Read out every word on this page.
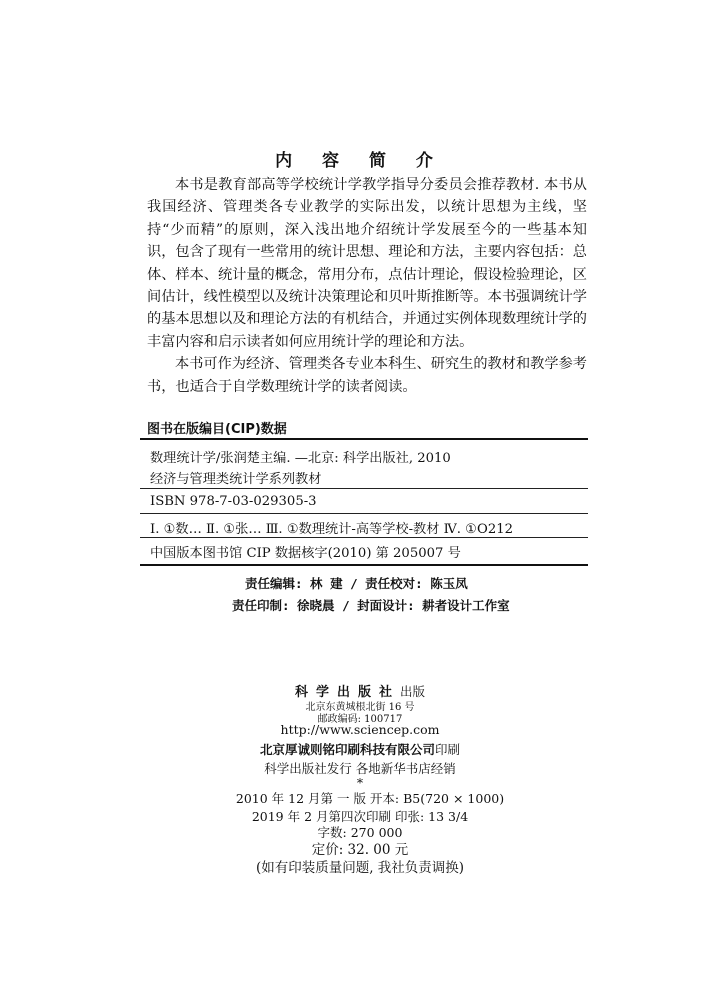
内 容 简 介

本书是教育部高等学校统计学教学指导分委员会推荐教材. 本书从我国经济、管理类各专业教学的实际出发，以统计思想为主线，坚持“少而精”的原则，深入浅出地介绍统计学发展至今的一些基本知识，包含了现有一些常用的统计思想、理论和方法，主要内容包括：总体、样本、统计量的概念，常用分布，点估计理论，假设检验理论，区间估计，线性模型以及统计决策理论和贝叶斯推断等。本书强调统计学的基本思想以及和理论方法的有机结合，并通过实例体现数理统计学的丰富内容和启示读者如何应用统计学的理论和方法。

本书可作为经济、管理类各专业本科生、研究生的教材和教学参考书，也适合于自学数理统计学的读者阅读。

图书在版编目(CIP)数据
数理统计学/张润楚主编. —北京: 科学出版社, 2010
经济与管理类统计学系列教材
ISBN 978-7-03-029305-3
Ⅰ. ①数… Ⅱ. ①张… Ⅲ. ①数理统计-高等学校-教材 Ⅳ. ①O212
中国版本图书馆 CIP 数据核字(2010) 第 205007 号
责任编辑: 林 建 / 责任校对: 陈玉凤
责任印制: 徐晓晨 / 封面设计: 耕者设计工作室
科学出版社出版
北京东黄城根北街 16 号
邮政编码: 100717
http://www.sciencep.com
北京厚诚则铭印刷科技有限公司印刷
科学出版社发行 各地新华书店经销
*
2010 年 12 月第 一 版 开本: B5(720 × 1000)
2019 年 2 月第四次印刷 印张: 13 3/4
字数: 270 000
定价: 32. 00 元
(如有印装质量问题, 我社负责调换)
